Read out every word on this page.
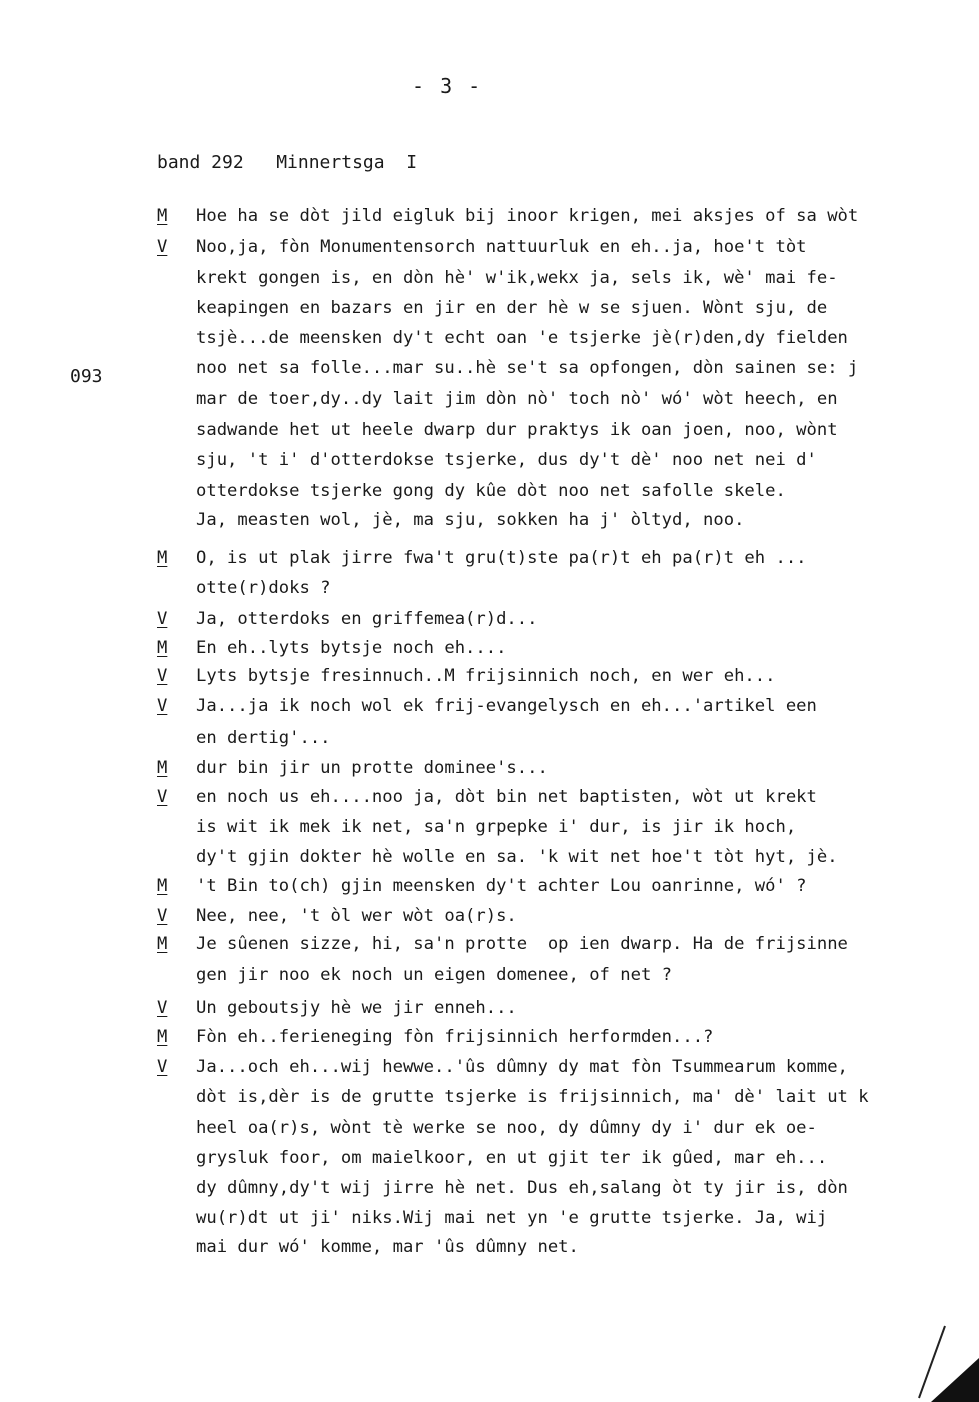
- 3 -
band 292   Minnertsga  I
093
M	Hoe ha se dòt jild eigluk bij inoor krigen, mei aksjes of sa wòt
V	Noo,ja, fòn Monumentensorch nattuurluk en eh..ja, hoe't tòt
krekt gongen is, en dòn hè' w'ik,wekx ja, sels ik, wè' mai fe-
keapingen en bazars en jir en der hè w se sjuen. Wònt sju, de
tsjè...de meensken dy't echt oan 'e tsjerke jè(r)den,dy fielden
noo net sa folle...mar su..hè se't sa opfongen, dòn sainen se: j
mar de toer,dy..dy lait jim dòn nò' toch nò' wó' wòt heech, en
sadwande het ut heele dwarp dur praktys ik oan joen, noo, wònt
sju, 't i' d'otterdokse tsjerke, dus dy't dè' noo net nei d'
otterdokse tsjerke gong dy kûe dòt noo net safolle skele.
Ja, measten wol, jè, ma sju, sokken ha j' òltyd, noo.
M	O, is ut plak jirre fwa't gru(t)ste pa(r)t eh pa(r)t eh ...
otte(r)doks ?
V	Ja, otterdoks en griffemea(r)d...
M	En eh..lyts bytsje noch eh....
V	Lyts bytsje fresinnuch..M frijsinnich noch, en wer eh...
V	Ja...ja ik noch wol ek frij-evangelysch en eh...'artikel een
en dertig'...
M	dur bin jir un protte dominee's...
V	en noch us eh....noo ja, dòt bin net baptisten, wòt ut krekt
is wit ik mek ik net, sa'n grpepke i' dur, is jir ik hoch,
dy't gjin dokter hè wolle en sa. 'k wit net hoe't tòt hyt, jè.
M	't Bin to(ch) gjin meensken dy't achter Lou oanrinne, wó' ?
V	Nee, nee, 't òl wer wòt oa(r)s.
M	Je sûenen sizze, hi, sa'n protte  op ien dwarp. Ha de frijsinne
gen jir noo ek noch un eigen domenee, of net ?
V	Un geboutsjy hè we jir enneh...
M	Fòn eh..ferieneging fòn frijsinnich herformden...?
V	Ja...och eh...wij hewwe..'ûs dûmny dy mat fòn Tsummearum komme,
dòt is,dèr is de grutte tsjerke is frijsinnich, ma' dè' lait ut k
heel oa(r)s, wònt tè werke se noo, dy dûmny dy i' dur ek oe-
grysluk foor, om maielkoor, en ut gjit ter ik gûed, mar eh...
dy dûmny,dy't wij jirre hè net. Dus eh,salang òt ty jir is, dòn
wu(r)dt ut ji' niks.Wij mai net yn 'e grutte tsjerke. Ja, wij
mai dur wó' komme, mar 'ûs dûmny net.
